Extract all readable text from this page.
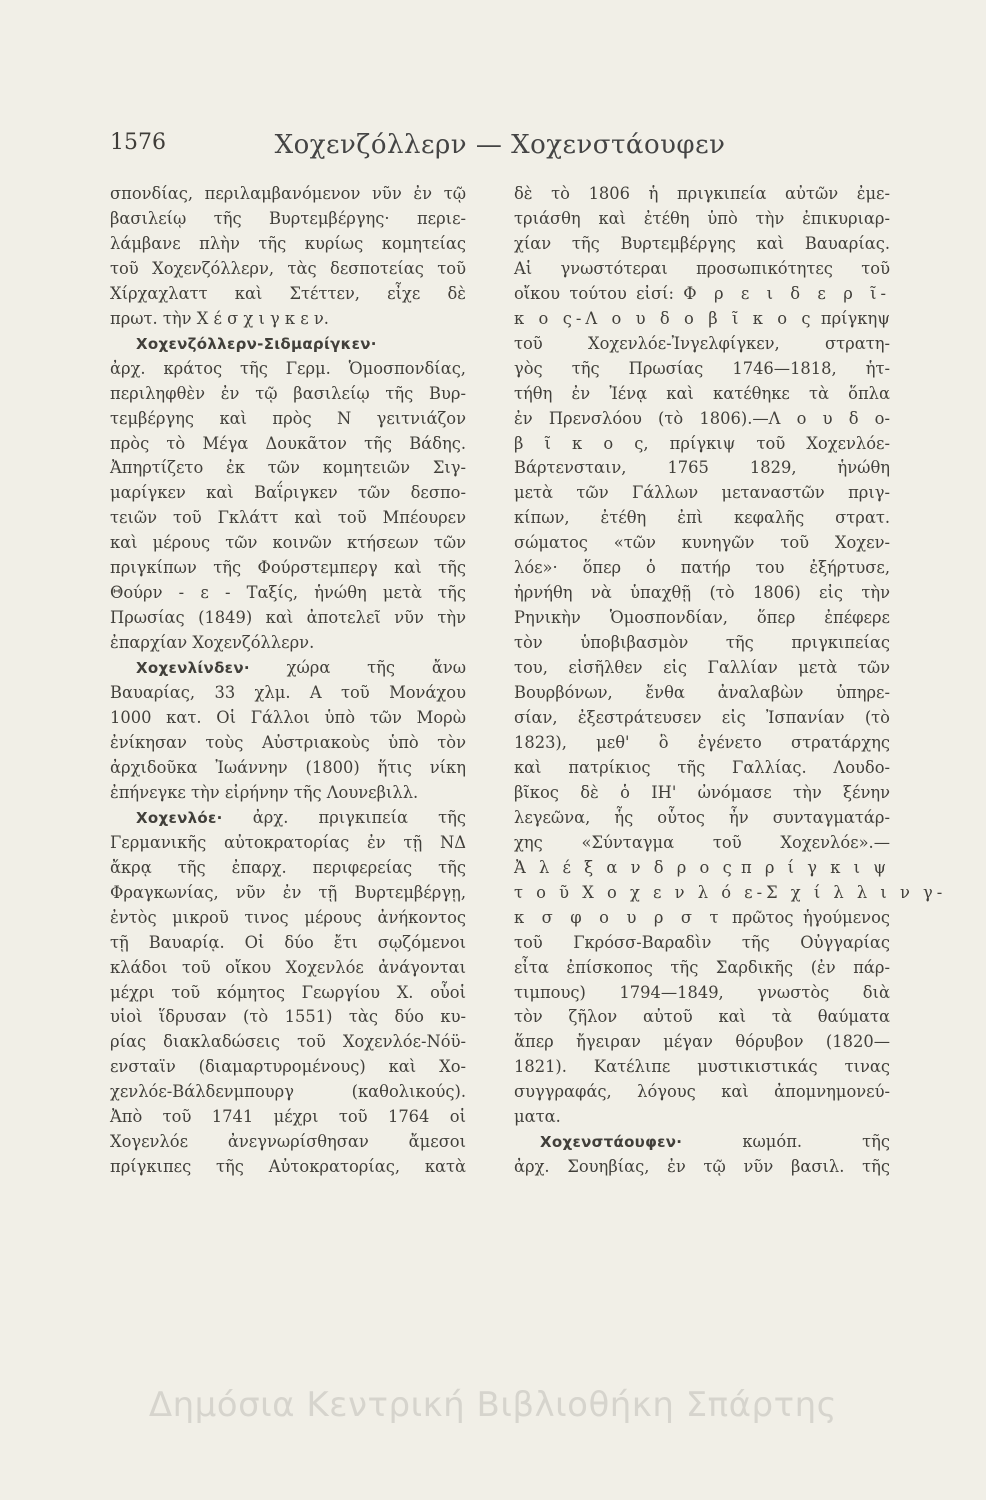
1576	Χοχενζόλλερν — Χοχενστάουφεν
σπονδίας, περιλαμβανόμενον νῦν ἐν τῷ
βασιλείῳ τῆς Βυρτεμβέργης· περιε-
λάμβανε πλὴν τῆς κυρίως κομητείας
τοῦ Χοχενζόλλερν, τὰς δεσποτείας τοῦ
Χίρχαχλαττ καὶ Στέττεν, εἶχε δὲ
πρωτ. τὴν Χ έ σ χ ι γ κ ε ν.
Χοχενζόλλερν-Σιδμαρίγκεν·
ἀρχ. κράτος τῆς Γερμ. Ὁμοσπονδίας,
περιληφθὲν ἐν τῷ βασιλείῳ τῆς Βυρ-
τεμβέργης καὶ πρὸς Ν γειτνιάζον
πρὸς τὸ Μέγα Δουκᾶτον τῆς Βάδης.
Ἀπηρτίζετο ἐκ τῶν κομητειῶν Σιγ-
μαρίγκεν καὶ Βαΐριγκεν τῶν δεσπο-
τειῶν τοῦ Γκλάττ καὶ τοῦ Μπέουρεν
καὶ μέρους τῶν κοινῶν κτήσεων τῶν
πριγκίπων τῆς Φούρστεμπεργ καὶ τῆς
Θούρν - ε - Ταξίς, ἡνώθη μετὰ τῆς
Πρωσίας (1849) καὶ ἀποτελεῖ νῦν τὴν
ἐπαρχίαν Χοχενζόλλερν.
Χοχενλίνδεν· χώρα τῆς ἄνω
Βαυαρίας, 33 χλμ. Α τοῦ Μονάχου
1000 κατ. Οἱ Γάλλοι ὑπὸ τῶν Μορὼ
ἐνίκησαν τοὺς Αὐστριακοὺς ὑπὸ τὸν
ἀρχιδοῦκα Ἰωάννην (1800) ἥτις νίκη
ἐπήνεγκε τὴν εἰρήνην τῆς Λουνεβιλλ.
Χοχενλόε· ἀρχ. πριγκιπεία τῆς
Γερμανικῆς αὐτοκρατορίας ἐν τῇ ΝΔ
ἄκρᾳ τῆς ἐπαρχ. περιφερείας τῆς
Φραγκωνίας, νῦν ἐν τῇ Βυρτεμβέργῃ,
ἐντὸς μικροῦ τινος μέρους ἀνήκοντος
τῇ Βαυαρίᾳ. Οἱ δύο ἔτι σῳζόμενοι
κλάδοι τοῦ οἴκου Χοχενλόε ἀνάγονται
μέχρι τοῦ κόμητος Γεωργίου Χ. οὗοἱ
υἱοὶ ἵδρυσαν (τὸ 1551) τὰς δύο κυ-
ρίας διακλαδώσεις τοῦ Χοχενλόε-Νόϋ-
ενσταϊν (διαμαρτυρομένους) καὶ Χο-
χενλόε-Βάλδενμπουργ (καθολικούς).
Ἀπὸ τοῦ 1741 μέχρι τοῦ 1764 οἱ
Χογενλόε ἀνεγνωρίσθησαν ἄμεσοι
πρίγκιπες τῆς Αὐτοκρατορίας, κατὰ
δὲ τὸ 1806 ἡ πριγκιπεία αὐτῶν ἐμε-
τριάσθη καὶ ἐτέθη ὑπὸ τὴν ἐπικυριαρ-
χίαν τῆς Βυρτεμβέργης καὶ Βαυαρίας.
Αἱ γνωστότεραι προσωπικότητες τοῦ
οἴκου τούτου εἰσί: Φ ρ ε ι δ ε ρ ῖ-
κ ο ς-Λ ο υ δ ο β ῖ κ ο ς πρίγκηψ
τοῦ Χοχενλόε-Ἰνγελφίγκεν, στρατη-
γὸς τῆς Πρωσίας 1746—1818, ἡτ-
τήθη ἐν Ἰένᾳ καὶ κατέθηκε τὰ ὅπλα
ἐν Πρενσλόου (τὸ 1806).—Λ ο υ δ ο-
β ῖ κ ο ς, πρίγκιψ τοῦ Χοχενλόε-
Βάρτενσταιν, 1765 1829, ἡνώθη
μετὰ τῶν Γάλλων μεταναστῶν πριγ-
κίπων, ἐτέθη ἐπὶ κεφαλῆς στρατ.
σώματος «τῶν κυνηγῶν τοῦ Χοχεν-
λόε»· ὅπερ ὁ πατήρ του ἐξήρτυσε,
ἠρνήθη νὰ ὑπαχθῇ (τὸ 1806) εἰς τὴν
Ρηνικὴν Ὁμοσπονδίαν, ὅπερ ἐπέφερε
τὸν ὑποβιβασμὸν τῆς πριγκιπείας
του, εἰσῆλθεν εἰς Γαλλίαν μετὰ τῶν
Βουρβόνων, ἔνθα ἀναλαβὼν ὑπηρε-
σίαν, ἐξεστράτευσεν εἰς Ἰσπανίαν (τὸ
1823), μεθ' ὃ ἐγένετο στρατάρχης
καὶ πατρίκιος τῆς Γαλλίας. Λουδο-
βῖκος δὲ ὁ ΙΗ' ὠνόμασε τὴν ξένην
λεγεῶνα, ἧς οὗτος ἦν συνταγματάρ-
χης «Σύνταγμα τοῦ Χοχενλόε».—
Ἀ λ έ ξ α ν δ ρ ο ς π ρ ί γ κ ι ψ
τ ο ῦ Χ ο χ ε ν λ ό ε-Σ χ ί λ λ ι ν γ-
κ σ φ ο υ ρ σ τ πρῶτος ἡγούμενος
τοῦ Γκρόσσ-Βαραδὶν τῆς Οὐγγαρίας
εἶτα ἐπίσκοπος τῆς Σαρδικῆς (ἐν πάρ-
τιμπους) 1794—1849, γνωστὸς διὰ
τὸν ζῆλον αὐτοῦ καὶ τὰ θαύματα
ἅπερ ἤγειραν μέγαν θόρυβον (1820—
1821). Κατέλιπε μυστικιστικάς τινας
συγγραφάς, λόγους καὶ ἀπομνημονεύ-
ματα.
Χοχενστάουφεν·	κωμόπ. τῆς
ἀρχ. Σουηβίας, ἐν τῷ νῦν βασιλ. τῆς
Δημόσια Κεντρική Βιβλιοθήκη Σπάρτης
